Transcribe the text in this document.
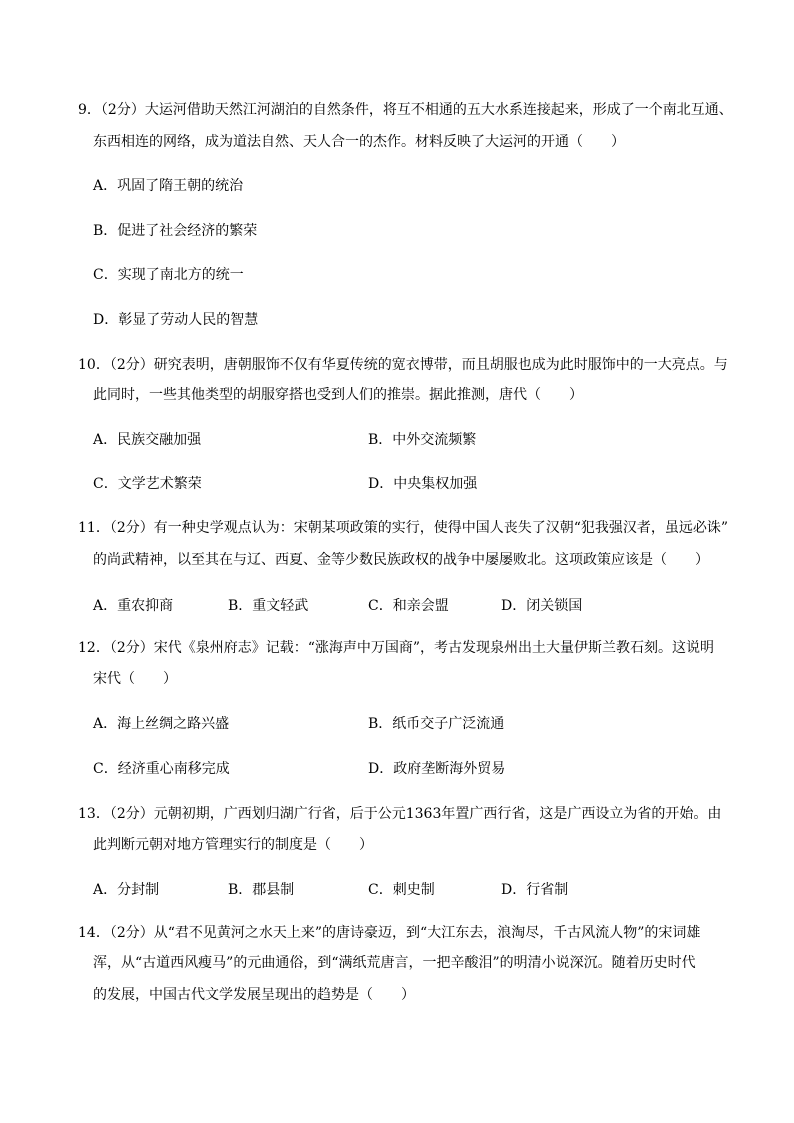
9．（2分）大运河借助天然江河湖泊的自然条件，将互不相通的五大水系连接起来，形成了一个南北互通、
东西相连的网络，成为道法自然、天人合一的杰作。材料反映了大运河的开通（　　）
A．巩固了隋王朝的统治
B．促进了社会经济的繁荣
C．实现了南北方的统一
D．彰显了劳动人民的智慧
10．（2分）研究表明，唐朝服饰不仅有华夏传统的宽衣博带，而且胡服也成为此时服饰中的一大亮点。与
此同时，一些其他类型的胡服穿搭也受到人们的推崇。据此推测，唐代（　　）
A．民族交融加强	B．中外交流频繁
C．文学艺术繁荣	D．中央集权加强
11．（2分）有一种史学观点认为：宋朝某项政策的实行，使得中国人丧失了汉朝“犯我强汉者，虽远必诛”
的尚武精神，以至其在与辽、西夏、金等少数民族政权的战争中屡屡败北。这项政策应该是（　　）
A．重农抑商	B．重文轻武	C．和亲会盟	D．闭关锁国
12．（2分）宋代《泉州府志》记载：“涨海声中万国商”，考古发现泉州出土大量伊斯兰教石刻。这说明
宋代（　　）
A．海上丝绸之路兴盛	B．纸币交子广泛流通
C．经济重心南移完成	D．政府垄断海外贸易
13．（2分）元朝初期，广西划归湖广行省，后于公元1363年置广西行省，这是广西设立为省的开始。由
此判断元朝对地方管理实行的制度是（　　）
A．分封制	B．郡县制	C．刺史制	D．行省制
14．（2分）从“君不见黄河之水天上来”的唐诗豪迈，到“大江东去，浪淘尽，千古风流人物”的宋词雄
浑，从“古道西风瘦马”的元曲通俗，到“满纸荒唐言，一把辛酸泪”的明清小说深沉。随着历史时代
的发展，中国古代文学发展呈现出的趋势是（　　）
